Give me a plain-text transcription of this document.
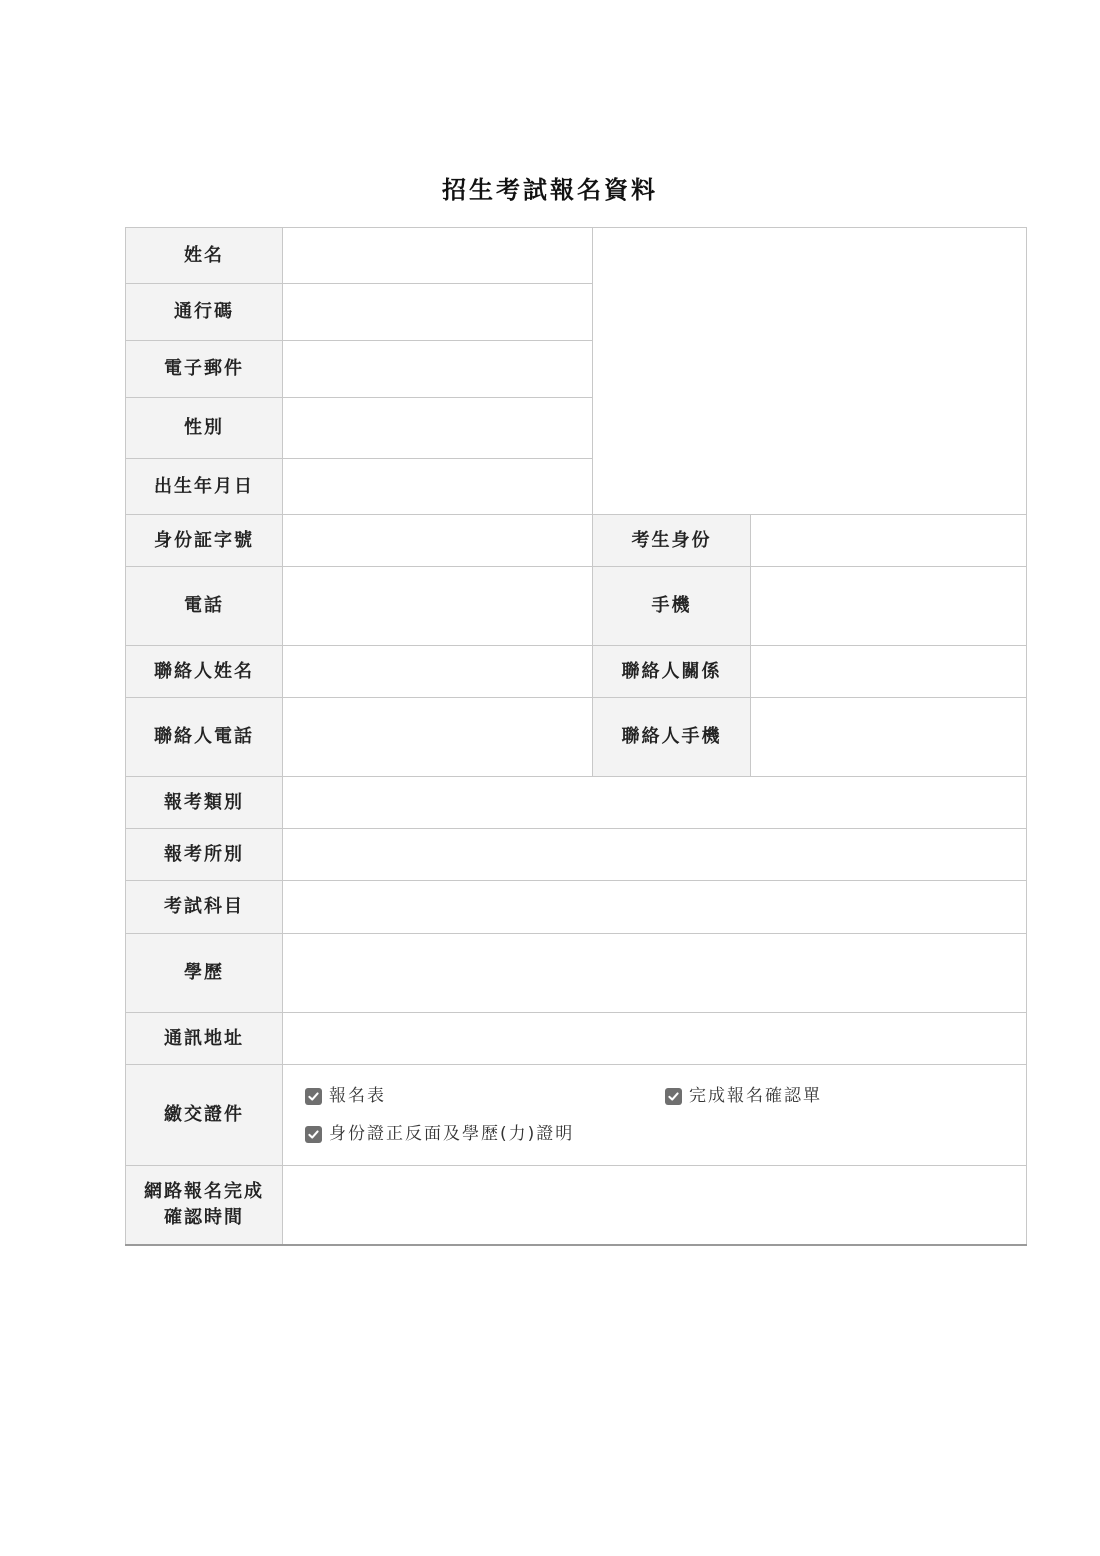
招生考試報名資料
姓名			
通行碼			
電子郵件			
性別			
出生年月日			
身份証字號		考生身份	
電話		手機	
聯絡人姓名		聯絡人關係	
聯絡人電話		聯絡人手機	
報考類別			
報考所別			
考試科目			
學歷			
通訊地址			
繳交證件	報名表 完成報名確認單
身份證正反面及學歷(力)證明		

網路報名完成
確認時間			
